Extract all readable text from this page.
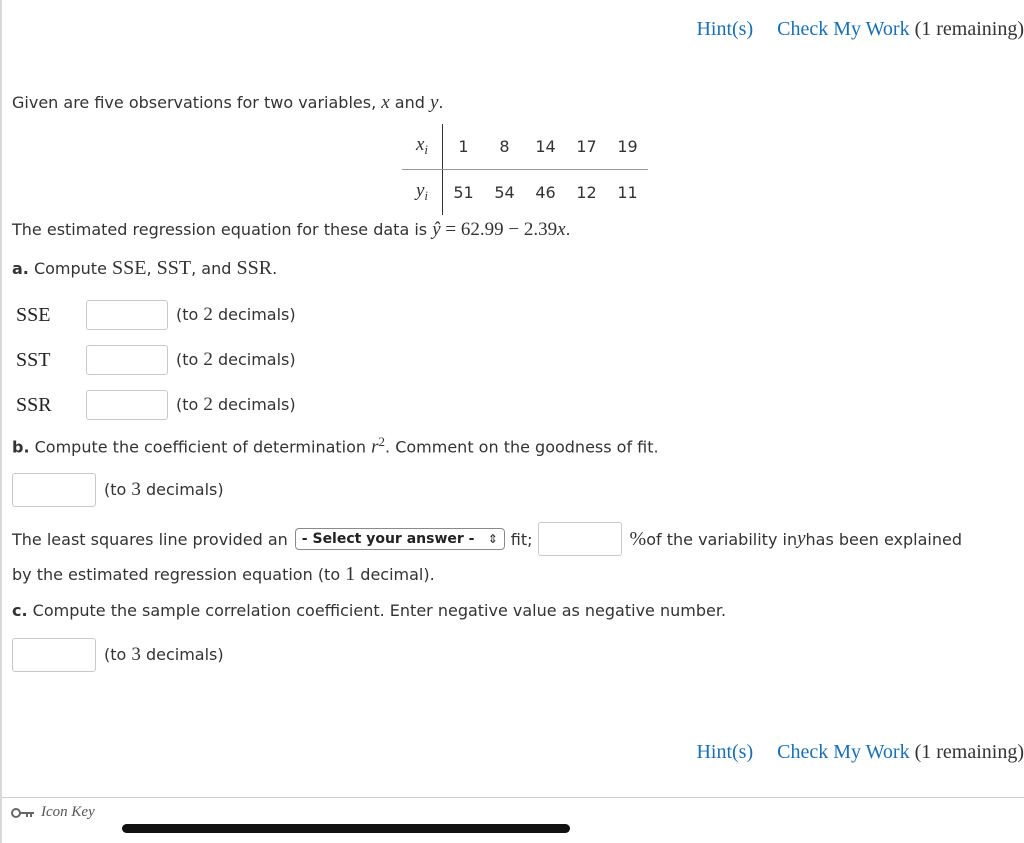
Hint(s) Check My Work (1 remaining)
Given are five observations for two variables, x and y.
$x_i$	1	8	14	17	19
$y_i$	51	54	46	12	11
The estimated regression equation for these data is ŷ = 62.99 − 2.39x.
a. Compute SSE, SST, and SSR.
SSE	(to 2 decimals)
SST	(to 2 decimals)
SSR	(to 2 decimals)
b. Compute the coefficient of determination $r^2$. Comment on the goodness of fit.
(to 3 decimals)
The least squares line provided an - Select your answer - ⇕ fit;	% of the variability in y has been explained
by the estimated regression equation (to 1 decimal).
c. Compute the sample correlation coefficient. Enter negative value as negative number.
(to 3 decimals)
Hint(s) Check My Work (1 remaining)
Icon Key
